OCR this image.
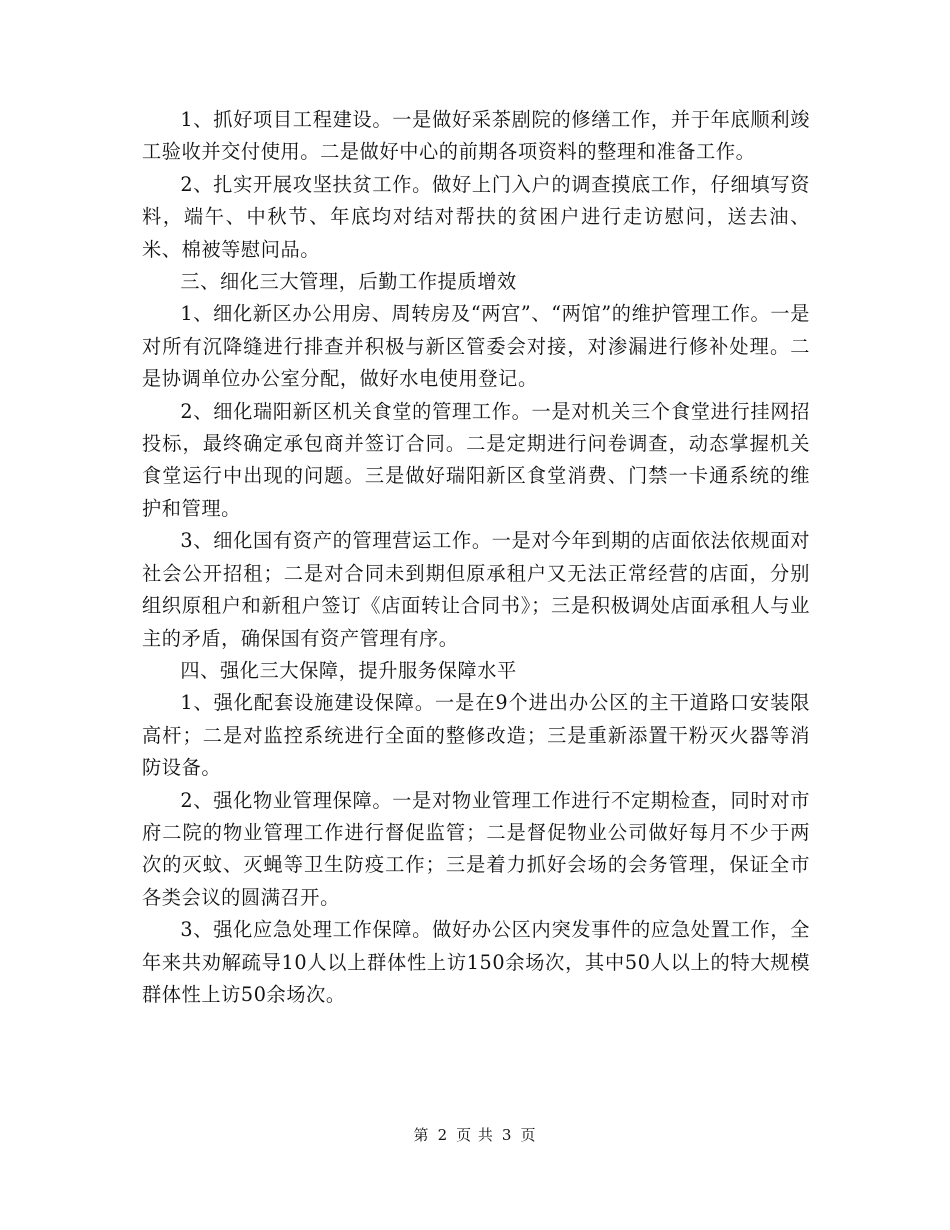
1、抓好项目工程建设。一是做好采茶剧院的修缮工作，并于年底顺利竣工验收并交付使用。二是做好中心的前期各项资料的整理和准备工作。

2、扎实开展攻坚扶贫工作。做好上门入户的调查摸底工作，仔细填写资料，端午、中秋节、年底均对结对帮扶的贫困户进行走访慰问，送去油、米、棉被等慰问品。

三、细化三大管理，后勤工作提质增效

1、细化新区办公用房、周转房及“两宫”、“两馆”的维护管理工作。一是对所有沉降缝进行排查并积极与新区管委会对接，对渗漏进行修补处理。二是协调单位办公室分配，做好水电使用登记。

2、细化瑞阳新区机关食堂的管理工作。一是对机关三个食堂进行挂网招投标，最终确定承包商并签订合同。二是定期进行问卷调查，动态掌握机关食堂运行中出现的问题。三是做好瑞阳新区食堂消费、门禁一卡通系统的维护和管理。

3、细化国有资产的管理营运工作。一是对今年到期的店面依法依规面对社会公开招租；二是对合同未到期但原承租户又无法正常经营的店面，分别组织原租户和新租户签订《店面转让合同书》；三是积极调处店面承租人与业主的矛盾，确保国有资产管理有序。

四、强化三大保障，提升服务保障水平

1、强化配套设施建设保障。一是在9个进出办公区的主干道路口安装限高杆；二是对监控系统进行全面的整修改造；三是重新添置干粉灭火器等消防设备。

2、强化物业管理保障。一是对物业管理工作进行不定期检查，同时对市府二院的物业管理工作进行督促监管；二是督促物业公司做好每月不少于两次的灭蚊、灭蝇等卫生防疫工作；三是着力抓好会场的会务管理，保证全市各类会议的圆满召开。

3、强化应急处理工作保障。做好办公区内突发事件的应急处置工作，全年来共劝解疏导10人以上群体性上访150余场次，其中50人以上的特大规模群体性上访50余场次。

第 2 页 共 3 页
